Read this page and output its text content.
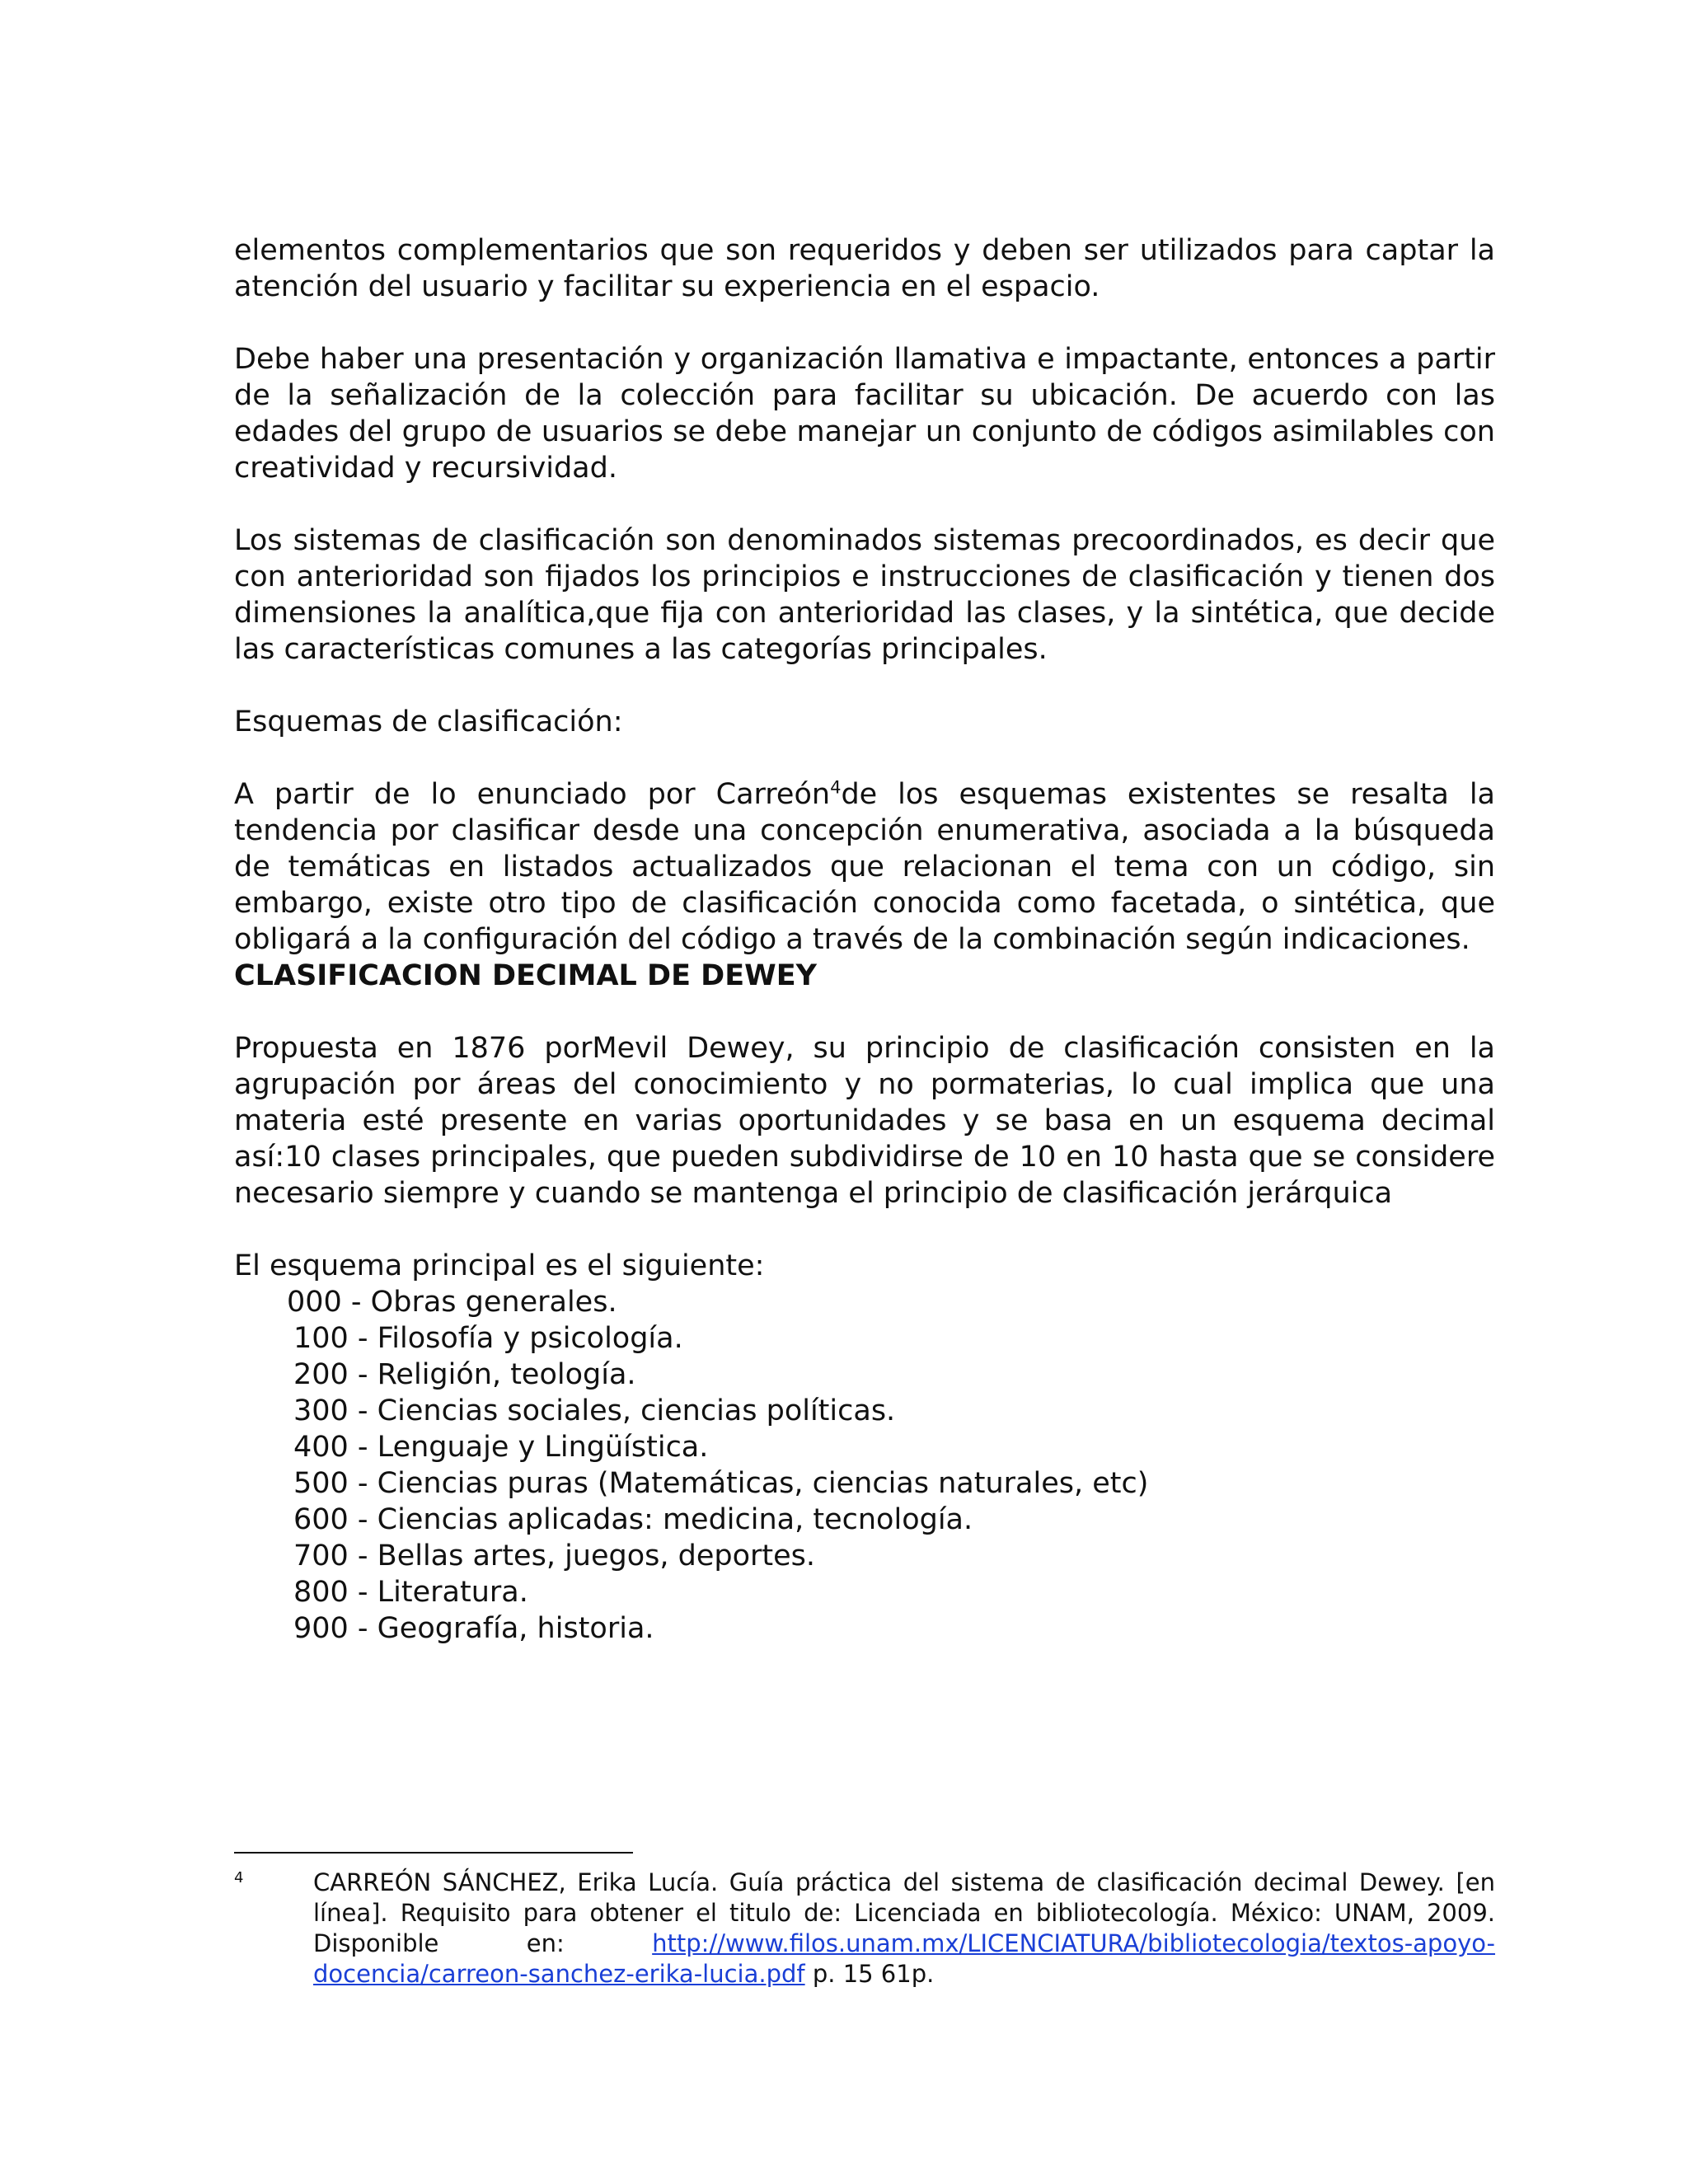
elementos complementarios que son requeridos y deben ser utilizados para captar la atención del usuario y facilitar su experiencia en el espacio.

Debe haber una presentación y organización llamativa e impactante, entonces a partir de la señalización de la colección para facilitar su ubicación. De acuerdo con las edades del grupo de usuarios se debe manejar un conjunto de códigos asimilables con creatividad y recursividad.

Los sistemas de clasificación son denominados sistemas precoordinados, es decir que con anterioridad son fijados los principios e instrucciones de clasificación y tienen dos dimensiones la analítica,que fija con anterioridad las clases, y la sintética, que decide las características comunes a las categorías principales.

Esquemas de clasificación:

A partir de lo enunciado por Carreón$^4$de los esquemas existentes se resalta la tendencia por clasificar desde una concepción enumerativa, asociada a la búsqueda de temáticas en listados actualizados que relacionan el tema con un código, sin embargo, existe otro tipo de clasificación conocida como facetada, o sintética, que obligará a la configuración del código a través de la combinación según indicaciones.

CLASIFICACION DECIMAL DE DEWEY

Propuesta en 1876 porMevil Dewey, su principio de clasificación consisten en la agrupación por áreas del conocimiento y no pormaterias, lo cual implica que una materia esté presente en varias oportunidades y se basa en un esquema decimal así:10 clases principales, que pueden subdividirse de 10 en 10 hasta que se considere necesario siempre y cuando se mantenga el principio de clasificación jerárquica

El esquema principal es el siguiente:

000 - Obras generales.
100 - Filosofía y psicología.
200 - Religión, teología.
300 - Ciencias sociales, ciencias políticas.
400 - Lenguaje y Lingüística.
500 - Ciencias puras (Matemáticas, ciencias naturales, etc)
600 - Ciencias aplicadas: medicina, tecnología.
700 - Bellas artes, juegos, deportes.
800 - Literatura.
900 - Geografía, historia.
4	CARREÓN SÁNCHEZ, Erika Lucía. Guía práctica del sistema de clasificación decimal Dewey. [en línea]. Requisito para obtener el titulo de: Licenciada en bibliotecología. México: UNAM, 2009. Disponible en: http://www.filos.unam.mx/LICENCIATURA/bibliotecologia/textos-apoyo-docencia/carreon-sanchez-erika-lucia.pdf p. 15 61p.
